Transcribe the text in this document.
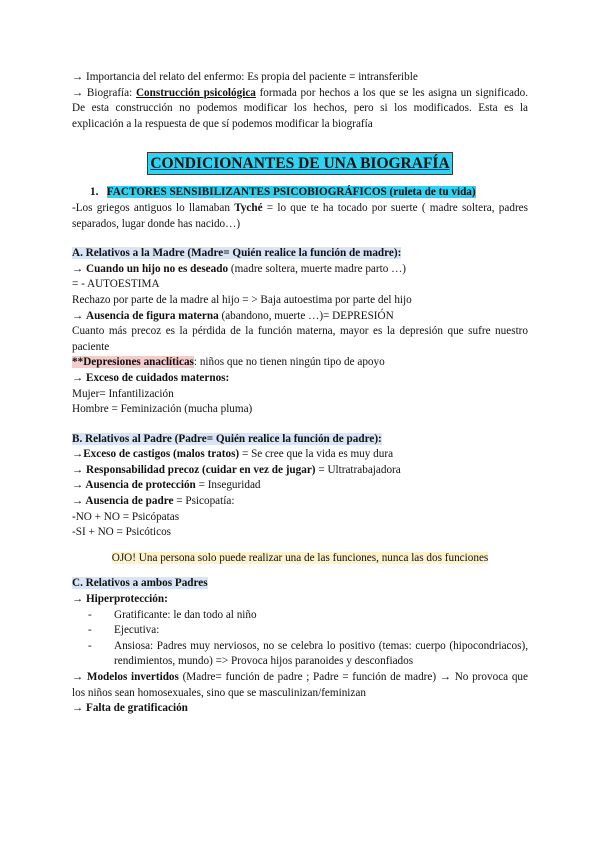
→ Importancia del relato del enfermo: Es propia del paciente = intransferible

→ Biografía: Construcción psicológica formada por hechos a los que se les asigna un significado. De esta construcción no podemos modificar los hechos, pero si los modificados. Esta es la explicación a la respuesta de que sí podemos modificar la biografía

CONDICIONANTES DE UNA BIOGRAFÍA

1. FACTORES SENSIBILIZANTES PSICOBIOGRÁFICOS (ruleta de tu vida)

-Los griegos antiguos lo llamaban Tyché = lo que te ha tocado por suerte ( madre soltera, padres separados, lugar donde has nacido…)

A. Relativos a la Madre (Madre= Quién realice la función de madre):

→ Cuando un hijo no es deseado (madre soltera, muerte madre parto …)

= - AUTOESTIMA

Rechazo por parte de la madre al hijo = > Baja autoestima por parte del hijo

→ Ausencia de figura materna (abandono, muerte …)= DEPRESIÓN

Cuanto más precoz es la pérdida de la función materna, mayor es la depresión que sufre nuestro paciente

**Depresiones anaclíticas: niños que no tienen ningún tipo de apoyo

→ Exceso de cuidados maternos:

Mujer= Infantilización

Hombre = Feminización (mucha pluma)

B. Relativos al Padre (Padre= Quién realice la función de padre):

→Exceso de castigos (malos tratos) = Se cree que la vida es muy dura

→ Responsabilidad precoz (cuidar en vez de jugar) = Ultratrabajadora

→ Ausencia de protección = Inseguridad

→ Ausencia de padre = Psicopatía:

-NO + NO = Psicópatas

-SI + NO = Psicóticos

OJO! Una persona solo puede realizar una de las funciones, nunca las dos funciones

C. Relativos a ambos Padres

→ Hiperprotección:

- Gratificante: le dan todo al niño
- Ejecutiva:
- Ansiosa: Padres muy nerviosos, no se celebra lo positivo (temas: cuerpo (hipocondriacos), rendimientos, mundo) => Provoca hijos paranoides y desconfiados

→ Modelos invertidos (Madre= función de padre ; Padre = función de madre) → No provoca que los niños sean homosexuales, sino que se masculinizan/feminizan

→ Falta de gratificación
